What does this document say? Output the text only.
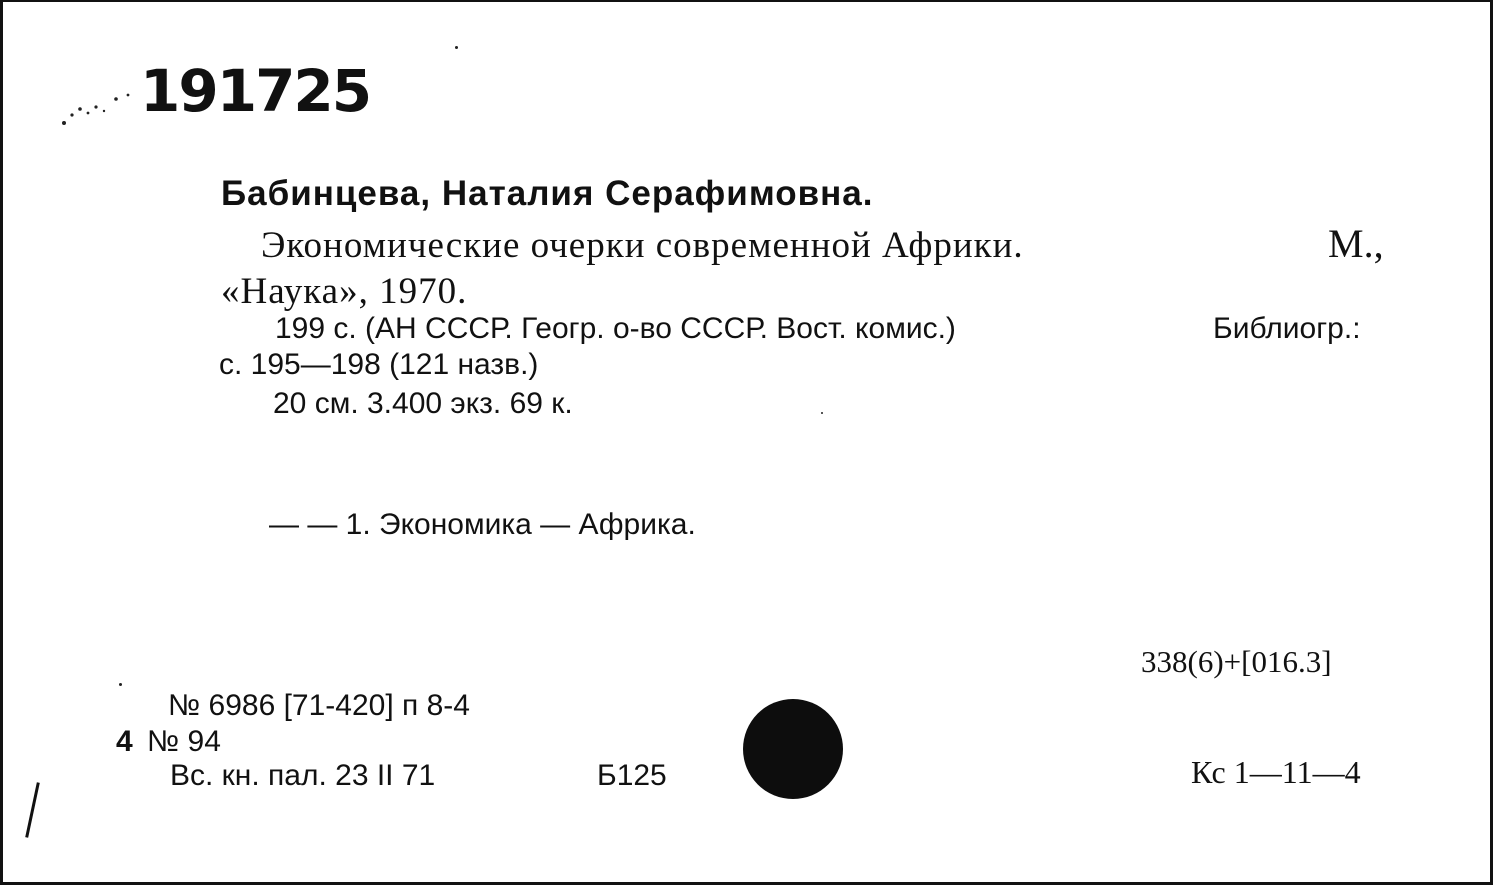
191725
Бабинцева, Наталия Серафимовна.
Экономические очерки современной Африки.	М.,
«Наука», 1970.
199 с. (АН СССР. Геогр. о-во СССР. Вост. комис.)	Библиогр.:
с. 195—198 (121 назв.)
20 см. 3.400 экз. 69 к.
— — 1. Экономика — Африка.
338(6)+[016.3]
№ 6986 [71-420] п 8-4
4 № 94
Вс. кн. пал. 23 II 71	Б125	Кс 1—11—4
